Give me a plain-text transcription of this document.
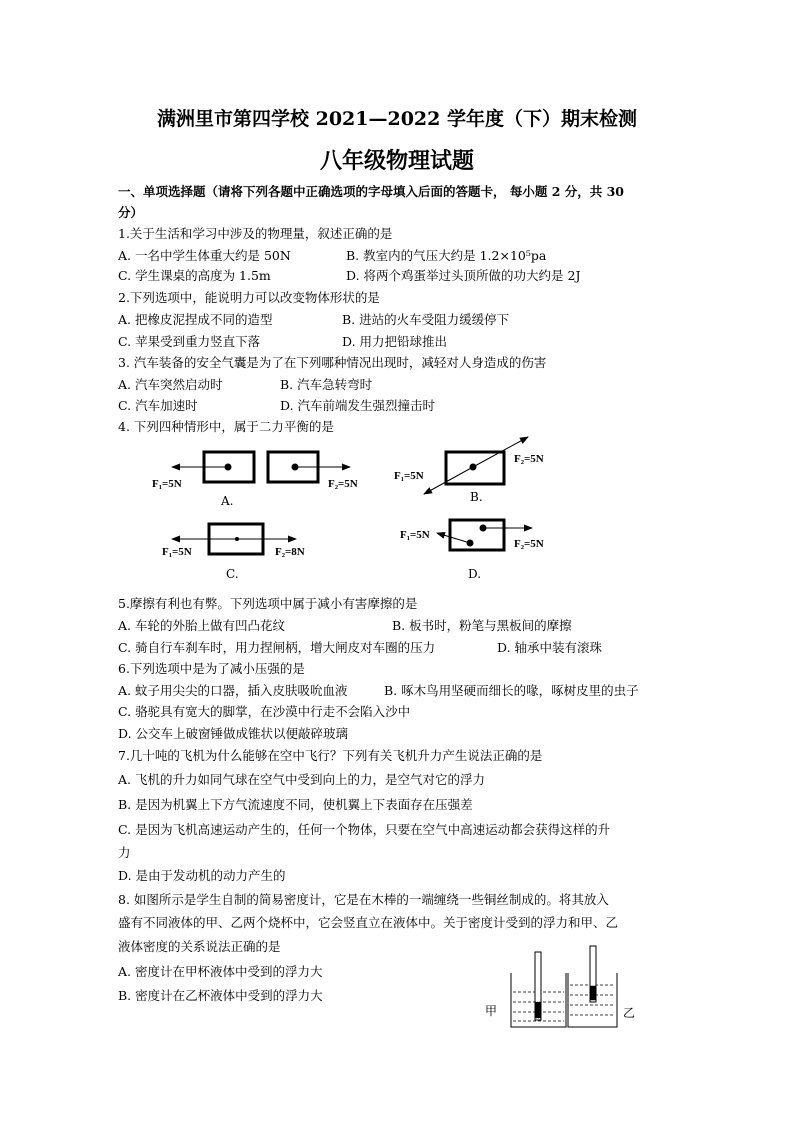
满洲里市第四学校 2021—2022 学年度（下）期末检测
八年级物理试题
一、单项选择题（请将下列各题中正确选项的字母填入后面的答题卡， 每小题 2 分，共 30
分）
1.关于生活和学习中涉及的物理量，叙述正确的是
A. 一名中学生体重大约是 50N	B. 教室内的气压大约是 1.2×10⁵pa
C. 学生课桌的高度为 1.5m	D. 将两个鸡蛋举过头顶所做的功大约是 2J
2.下列选项中，能说明力可以改变物体形状的是
A. 把橡皮泥捏成不同的造型	B. 进站的火车受阻力缓缓停下
C. 苹果受到重力竖直下落	D. 用力把铅球推出
3. 汽车装备的安全气囊是为了在下列哪种情况出现时，减轻对人身造成的伤害
A. 汽车突然启动时	B. 汽车急转弯时
C. 汽车加速时	D. 汽车前端发生强烈撞击时
4. 下列四种情形中，属于二力平衡的是
F₁=5N	F₂=5N
A.
F₁=5N
F₂=5N
B.
F₁=5N	F₂=8N
C.
F₁=5N
F₂=5N
D.
5.摩擦有利也有弊。下列选项中属于减小有害摩擦的是
A. 车轮的外胎上做有凹凸花纹	B. 板书时，粉笔与黑板间的摩擦
C. 骑自行车刹车时，用力捏闸柄，增大闸皮对车圈的压力	D. 轴承中装有滚珠
6.下列选项中是为了减小压强的是
A. 蚊子用尖尖的口器，插入皮肤吸吮血液	B. 啄木鸟用坚硬而细长的喙，啄树皮里的虫子
C. 骆驼具有宽大的脚掌，在沙漠中行走不会陷入沙中
D. 公交车上破窗锤做成锥状以便敲碎玻璃
7.几十吨的飞机为什么能够在空中飞行？下列有关飞机升力产生说法正确的是
A. 飞机的升力如同气球在空气中受到向上的力，是空气对它的浮力
B. 是因为机翼上下方气流速度不同，使机翼上下表面存在压强差
C. 是因为飞机高速运动产生的，任何一个物体，只要在空气中高速运动都会获得这样的升
力
D. 是由于发动机的动力产生的
8. 如图所示是学生自制的简易密度计，它是在木棒的一端缠绕一些铜丝制成的。将其放入
盛有不同液体的甲、乙两个烧杯中，它会竖直立在液体中。关于密度计受到的浮力和甲、乙
液体密度的关系说法正确的是
A. 密度计在甲杯液体中受到的浮力大
B. 密度计在乙杯液体中受到的浮力大
甲	乙
